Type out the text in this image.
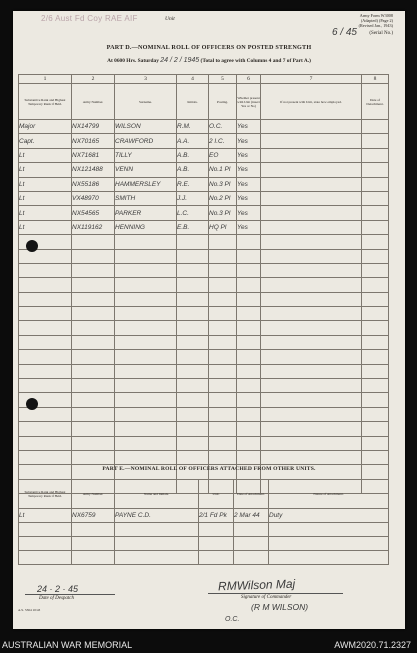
2/6 Aust Fd Coy RAE AIF	Unit
Army Form W3008
(Adapted) (Page 2)
(Revised Jan., 1943)
6 / 45 (Serial No.)
PART D.—NOMINAL ROLL OF OFFICERS ON POSTED STRENGTH
At 0600 Hrs. Saturday 24 / 2 / 1945 (Total to agree with Columns 4 and 7 of Part A.)
1	2	3	4	5	6	7	8
Substantive Rank and Highest Temporary Rank if Held.	Army Number.	Surname.	Initials.	Posting.	Whether present with Unit (insert Yes or No)	If not present with Unit, state how employed.	Date of Detachment.
Major	NX14799	WILSON	R.M.	O.C.	Yes		
Capt.	NX70165	CRAWFORD	A.A.	2 I.C.	Yes		
Lt	NX71681	TILLY	A.B.	EO	Yes		
Lt	NX121488	VENN	A.B.	No.1 Pl	Yes		
Lt	NX55186	HAMMERSLEY	R.E.	No.3 Pl	Yes		
Lt	VX48970	SMITH	J.J.	No.2 Pl	Yes		
Lt	NX54565	PARKER	L.C.	No.3 Pl	Yes		
Lt	NX119162	HENNING	E.B.	HQ Pl	Yes		

PART E.—NOMINAL ROLL OF OFFICERS ATTACHED FROM OTHER UNITS.
Substantive Rank and Highest Temporary Rank if Held.	Army Number.	Name and Initials.	Unit.	Date of Attachment.	Nature of Attachment.
Lt	NX6759	PAYNE C.D.	2/1 Fd Pk	2 Mar 44	Duty

24 · 2 · 45
Date of Despatch
A.S. 5364 10/43
RMWilson Maj
Signature of Commander
(R M WILSON)
O.C.
AUSTRALIAN WAR MEMORIAL	AWM2020.71.2327
